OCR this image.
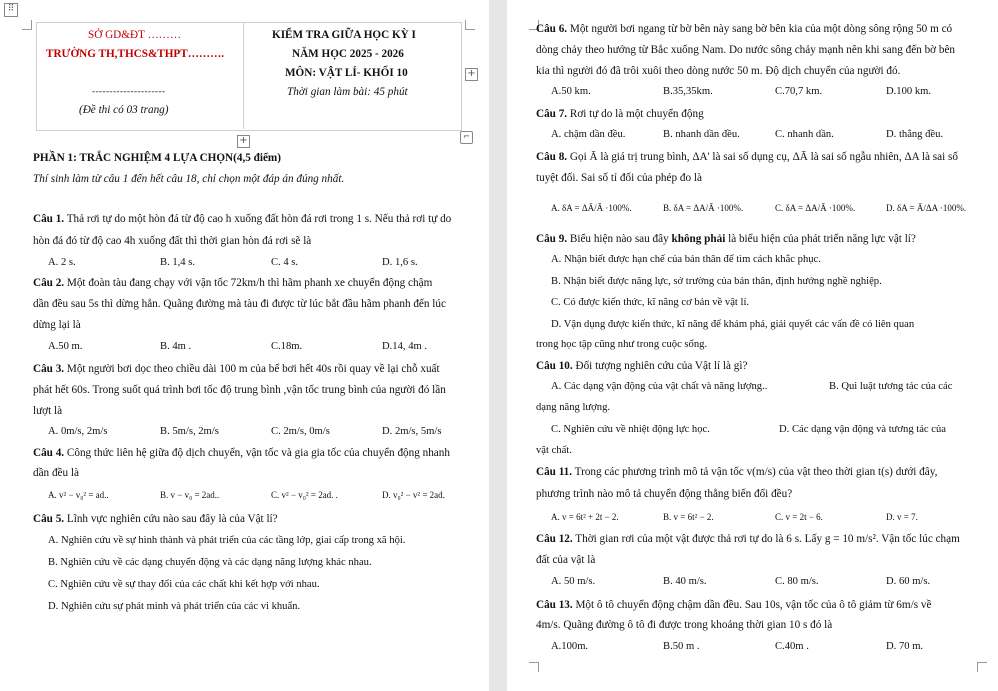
⠿
SỞ GD&ĐT ………
TRƯỜNG TH,THCS&THPT……….
---------------------
(Đề thi có 03 trang)
KIỂM TRA GIỮA HỌC KỲ I
NĂM HỌC 2025 - 2026
MÔN: VẬT LÍ- KHỐI 10
Thời gian làm bài: 45 phút
+
+	⌐
PHẦN 1: TRẮC NGHIỆM 4 LỰA CHỌN(4,5 điểm)
Thí sinh làm từ câu 1 đến hết câu 18, chỉ chọn một đáp án đúng nhất.
Câu 1. Thả rơi tự do một hòn đá từ độ cao h xuống đất hòn đá rơi trong 1 s. Nếu thả rơi tự do
hòn đá đó từ độ cao 4h xuống đất thì thời gian hòn đá rơi sẽ là
A. 2 s.	B. 1,4 s.	C. 4 s.	D. 1,6 s.
Câu 2. Một đoàn tàu đang chạy với vận tốc 72km/h thì hãm phanh xe chuyển động chậm
dần đều sau 5s thì dừng hẳn. Quãng đường mà tàu đi được từ lúc bắt đầu hãm phanh đến lúc
dừng lại là
A.50 m.	B. 4m .	C.18m.	D.14, 4m .
Câu 3. Một người bơi dọc theo chiều dài 100 m của bể bơi hết 40s rồi quay về lại chỗ xuất
phát hết 60s. Trong suốt quá trình bơi tốc độ trung bình ,vận tốc trung bình của người đó lần
lượt là
A. 0m/s, 2m/s	B. 5m/s, 2m/s	C. 2m/s, 0m/s	D. 2m/s, 5m/s
Câu 4. Công thức liên hệ giữa độ dịch chuyển, vận tốc và gia gia tốc của chuyển động nhanh
dần đều là
A. v² − v₀² = ad..	B. v − v₀ = 2ad..	C. v² − v₀² = 2ad. .	D. v₀² − v² = 2ad.
Câu 5. Lĩnh vực nghiên cứu nào sau đây là của Vật lí?
A. Nghiên cứu về sự hình thành và phát triển của các tầng lớp, giai cấp trong xã hội.
B. Nghiên cứu về các dạng chuyển động và các dạng năng lượng khác nhau.
C. Nghiên cứu về sự thay đổi của các chất khi kết hợp với nhau.
D. Nghiên cứu sự phát minh và phát triển của các vi khuẩn.
Câu 6. Một người bơi ngang từ bờ bên này sang bờ bên kia của một dòng sông rộng 50 m có
dòng chảy theo hướng từ Bắc xuống Nam. Do nước sông chảy mạnh nên khi sang đến bờ bên
kia thì người đó đã trôi xuôi theo dòng nước 50 m. Độ dịch chuyển của người đó.
A.50 km.	B.35,35km.	C.70,7 km.	D.100 km.
Câu 7. Rơi tự do là một chuyển động
A. chậm dần đều.	B. nhanh dần đều.	C. nhanh dần.	D. thẳng đều.
Câu 8. Gọi Ā là giá trị trung bình, ΔA' là sai số dụng cụ, ΔĀ là sai số ngẫu nhiên, ΔA là sai số
tuyệt đối. Sai số tỉ đối của phép đo là
A. δA = ΔĀ/Ā ·100%.	B. δA = ΔA/Ā ·100%.	C. δA = ΔA/Ā ·100%.	D. δA = Ā/ΔA ·100%.
Câu 9. Biểu hiện nào sau đây không phải là biểu hiện của phát triển năng lực vật lí?
A. Nhận biết được hạn chế của bản thân để tìm cách khắc phục.
B. Nhận biết được năng lực, sở trường của bản thân, định hướng nghề nghiệp.
C. Có được kiến thức, kĩ năng cơ bản về vật lí.
D. Vận dụng được kiến thức, kĩ năng để khám phá, giải quyết các vấn đề có liên quan
trong học tập cũng như trong cuộc sống.
Câu 10. Đối tượng nghiên cứu của Vật lí là gì?
A. Các dạng vận động của vật chất và năng lượng..	B. Qui luật tương tác của các
dạng năng lượng.
C. Nghiên cứu về nhiệt động lực học.	D. Các dạng vận động và tương tác của
vật chất.
Câu 11. Trong các phương trình mô tả vận tốc v(m/s) của vật theo thời gian t(s) dưới đây,
phương trình nào mô tả chuyển động thẳng biến đổi đều?
A. v = 6t² + 2t − 2.	B. v = 6t² − 2.	C. v = 2t − 6.	D. v = 7.
Câu 12. Thời gian rơi của một vật được thả rơi tự do là 6 s. Lấy g = 10 m/s². Vận tốc lúc chạm
đất của vật là
A. 50 m/s.	B. 40 m/s.	C. 80 m/s.	D. 60 m/s.
Câu 13. Một ô tô chuyển động chậm dần đều. Sau 10s, vận tốc của ô tô giảm từ 6m/s về
4m/s. Quãng đường ô tô đi được trong khoảng thời gian 10 s đó là
A.100m.	B.50 m .	C.40m .	D. 70 m.
